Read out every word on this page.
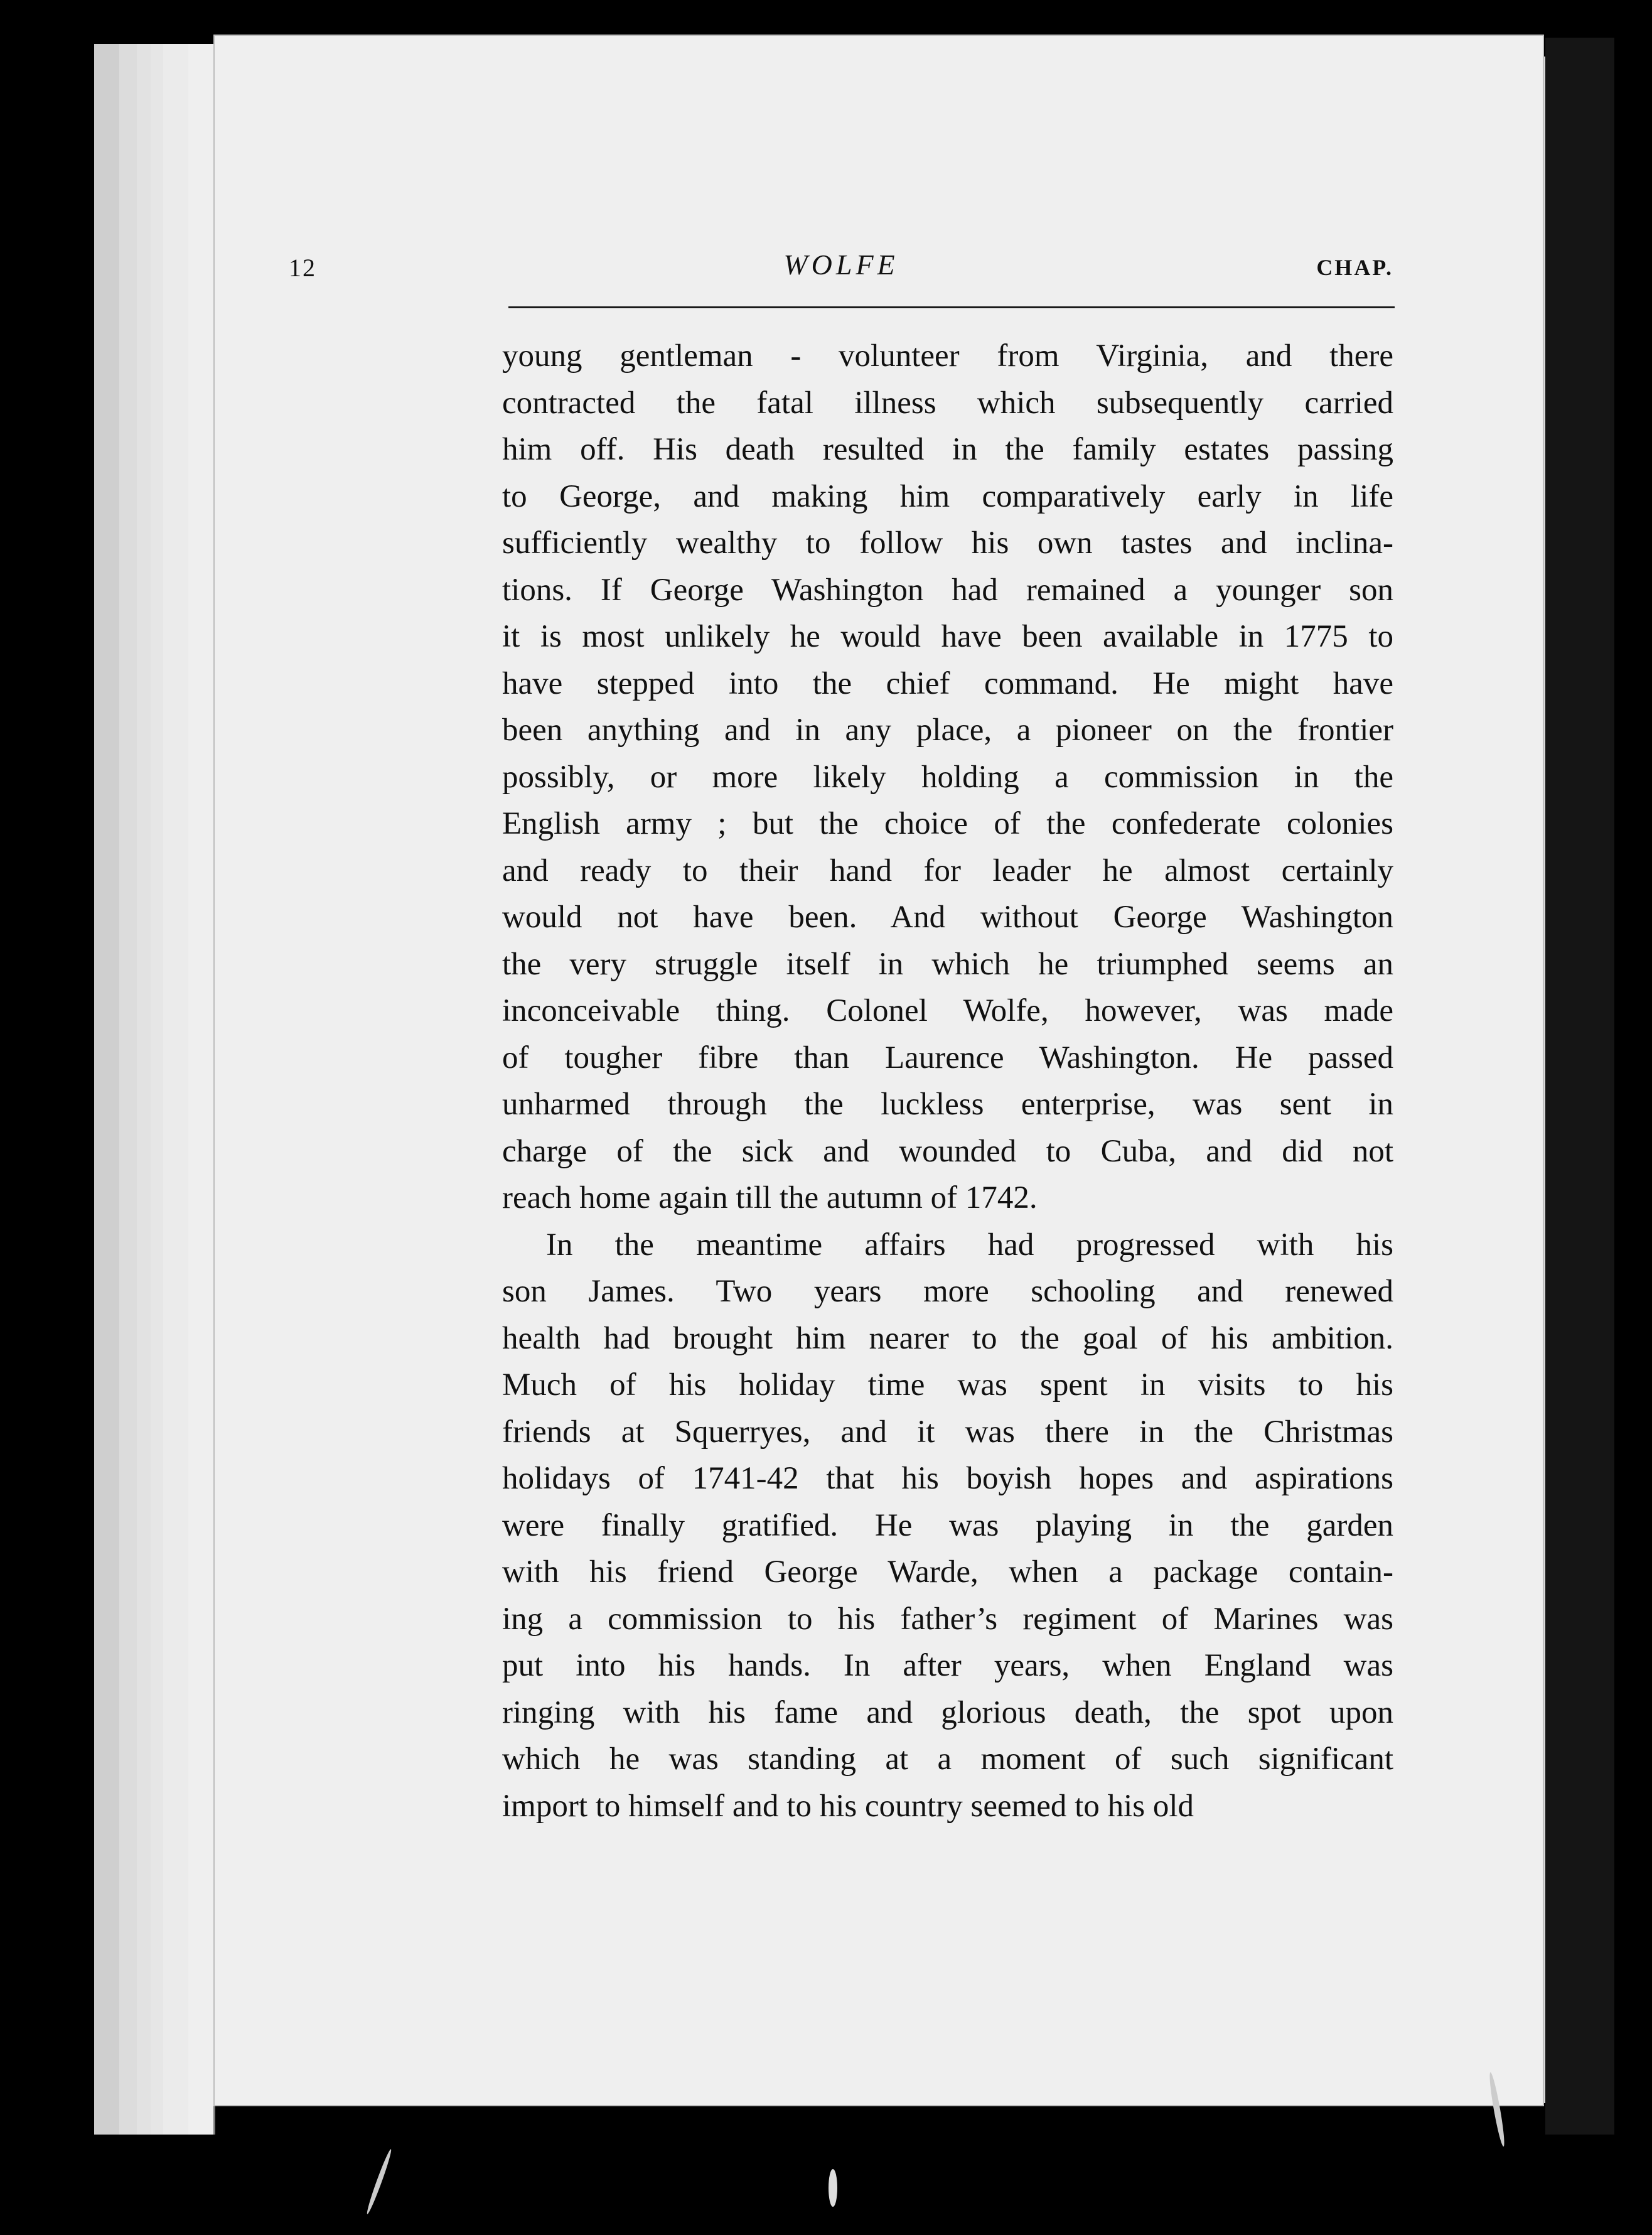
12	WOLFE	CHAP.
young gentleman - volunteer from Virginia, and there
contracted the fatal illness which subsequently carried
him off. His death resulted in the family estates passing
to George, and making him comparatively early in life
sufficiently wealthy to follow his own tastes and inclina-
tions. If George Washington had remained a younger son
it is most unlikely he would have been available in 1775 to
have stepped into the chief command. He might have
been anything and in any place, a pioneer on the frontier
possibly, or more likely holding a commission in the
English army ; but the choice of the confederate colonies
and ready to their hand for leader he almost certainly
would not have been. And without George Washington
the very struggle itself in which he triumphed seems an
inconceivable thing. Colonel Wolfe, however, was made
of tougher fibre than Laurence Washington. He passed
unharmed through the luckless enterprise, was sent in
charge of the sick and wounded to Cuba, and did not
reach home again till the autumn of 1742.
In the meantime affairs had progressed with his
son James. Two years more schooling and renewed
health had brought him nearer to the goal of his ambition.
Much of his holiday time was spent in visits to his
friends at Squerryes, and it was there in the Christmas
holidays of 1741-42 that his boyish hopes and aspirations
were finally gratified. He was playing in the garden
with his friend George Warde, when a package contain-
ing a commission to his father’s regiment of Marines was
put into his hands. In after years, when England was
ringing with his fame and glorious death, the spot upon
which he was standing at a moment of such significant
import to himself and to his country seemed to his old
